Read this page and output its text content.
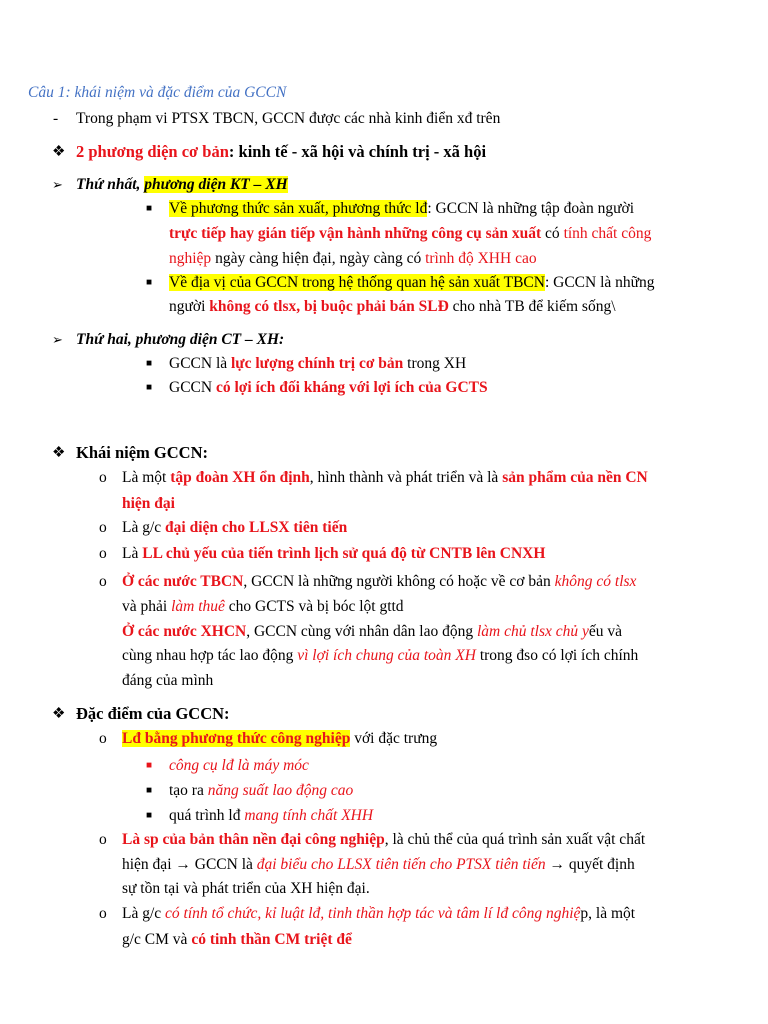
Câu 1: khái niệm và đặc điểm của GCCN
- Trong phạm vi PTSX TBCN, GCCN được các nhà kinh điển xđ trên
❖ 2 phương diện cơ bản: kinh tế - xã hội và chính trị - xã hội
➢ Thứ nhất, phương diện KT – XH
■ Về phương thức sản xuất, phương thức lđ: GCCN là những tập đoàn người
trực tiếp hay gián tiếp vận hành những công cụ sản xuất có tính chất công
nghiệp ngày càng hiện đại, ngày càng có trình độ XHH cao
■ Về địa vị của GCCN trong hệ thống quan hệ sản xuất TBCN: GCCN là những
người không có tlsx, bị buộc phải bán SLĐ cho nhà TB để kiếm sống\
➢ Thứ hai, phương diện CT – XH:
■ GCCN là lực lượng chính trị cơ bản trong XH
■ GCCN có lợi ích đối kháng với lợi ích của GCTS
❖ Khái niệm GCCN:
o Là một tập đoàn XH ổn định, hình thành và phát triển và là sản phẩm của nền CN
hiện đại
o Là g/c đại diện cho LLSX tiên tiến
o Là LL chủ yếu của tiến trình lịch sử quá độ từ CNTB lên CNXH
o Ở các nước TBCN, GCCN là những người không có hoặc về cơ bản không có tlsx
và phải làm thuê cho GCTS và bị bóc lột gttd
Ở các nước XHCN, GCCN cùng với nhân dân lao động làm chủ tlsx chủ yếu và
cùng nhau hợp tác lao động vì lợi ích chung của toàn XH trong đso có lợi ích chính
đáng của mình
❖ Đặc điểm của GCCN:
o Lđ bằng phương thức công nghiệp với đặc trưng
■ công cụ lđ là máy móc
■ tạo ra năng suất lao động cao
■ quá trình lđ mang tính chất XHH
o Là sp của bản thân nền đại công nghiệp, là chủ thể của quá trình sản xuất vật chất
hiện đại → GCCN là đại biểu cho LLSX tiên tiến cho PTSX tiên tiến → quyết định
sự tồn tại và phát triển của XH hiện đại.
o Là g/c có tính tổ chức, kỉ luật lđ, tinh thần hợp tác và tâm lí lđ công nghiệp, là một
g/c CM và có tinh thần CM triệt để
